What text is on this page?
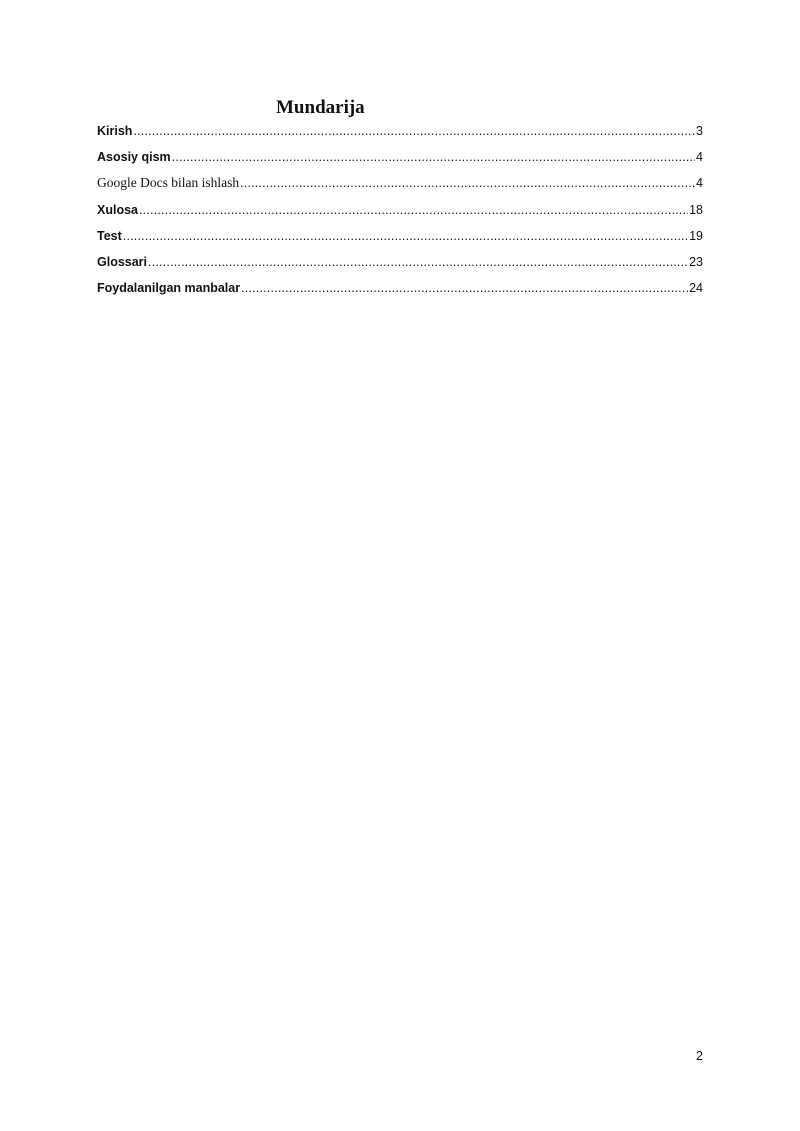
Mundarija
Kirish .....	3
Asosiy qism .....	4
Google Docs bilan ishlash .....	4
Xulosa .....	18
Test .....	19
Glossari .....	23
Foydalanilgan manbalar .....	24
2
